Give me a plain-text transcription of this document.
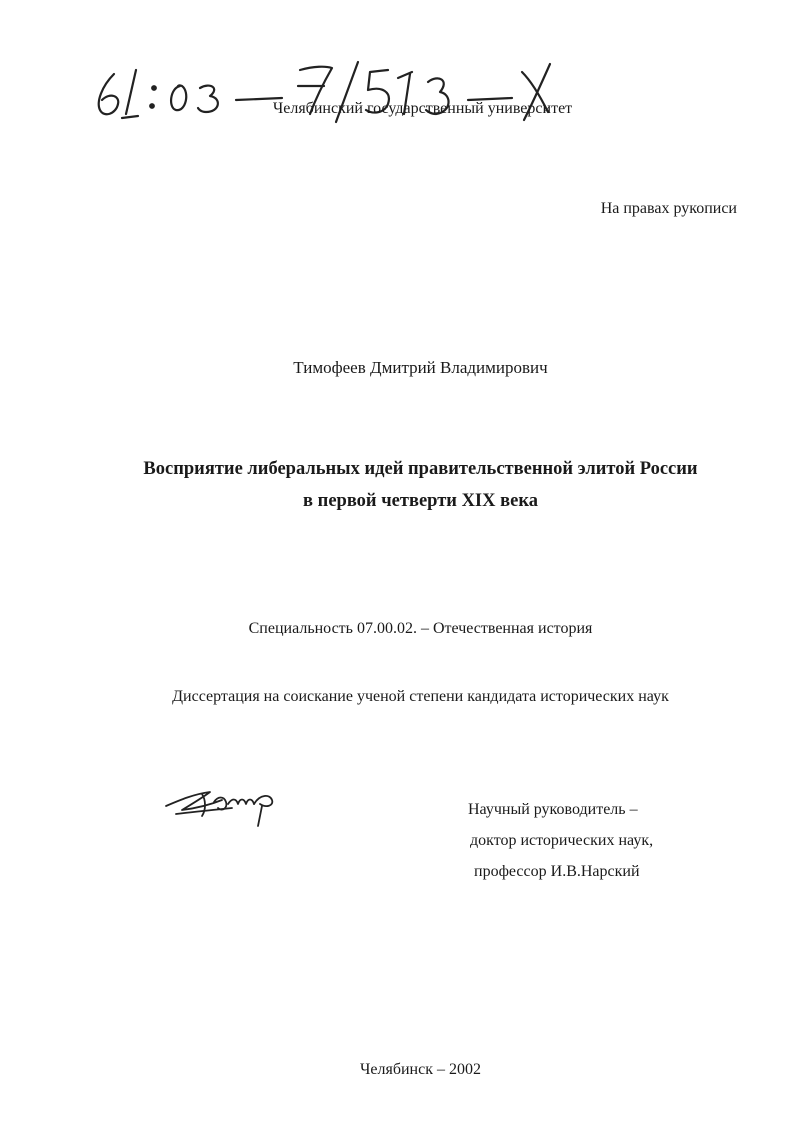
Челябинский государственный университет
На правах рукописи
Тимофеев Дмитрий Владимирович
Восприятие либеральных идей правительственной элитой России
в первой четверти XIX века
Специальность 07.00.02. – Отечественная история
Диссертация на соискание ученой степени кандидата исторических наук
Научный руководитель –
доктор исторических наук,
профессор И.В.Нарский
Челябинск – 2002
